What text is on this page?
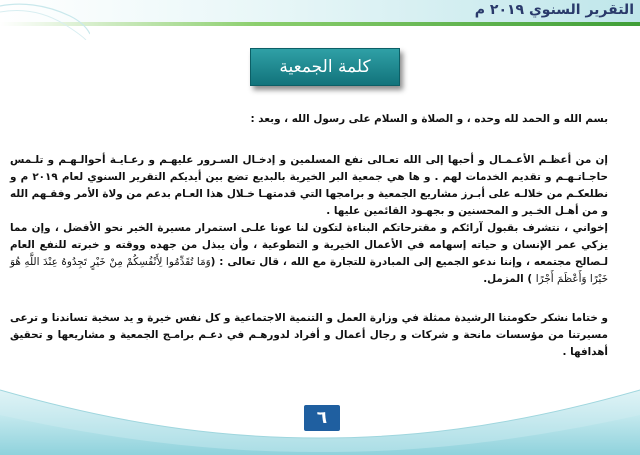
التقرير السنوي ٢٠١٩ م
كلمة الجمعية

بسم الله و الحمد لله وحده ، و الصلاة و السلام على رسول الله ، وبعد :

إن من أعظـم الأعـمـال و أحبها إلى الله تعـالى نفع المسلمين و إدخـال السـرور عليهـم و رعـايـة أحوالـهـم و تلـمس حاجـاتـهـم و تقديم الخدمات لهم . و ها هي جمعية البر الخيرية بالبديع تضع بين أيديكم التقرير السنوي لعام ٢٠١٩ م و نطلعكـم من خلالـه على أبـرز مشاريع الجمعية و برامجها التي قدمتهـا خـلال هذا العـام بدعم من ولاة الأمر وفقـهم الله و من أهـل الخـير و المحسنين و بجهـود القائمين عليها .

إخواني ، نتشرف بقبول آرائكم و مقترحاتكم البناءة لتكون لنا عونا علـى استمرار مسيرة الخير نحو الأفضل ، وإن مما يزكي عمر الإنسان و حياته إسهامه في الأعمال الخيرية و التطوعية ، وأن يبذل من جهده ووقته و خبرته للنفع العام لـصالح مجتمعه ، وإننا ندعو الجميع إلى المبادرة للتجارة مع الله ، قال تعالى : (وَمَا تُقَدِّمُوا لِأَنْفُسِكُمْ مِنْ خَيْرٍ تَجِدُوهُ عِنْدَ اللَّهِ هُوَ خَيْرًا وَأَعْظَمَ أَجْرًا ) المزمل.

و ختاما نشكر حكومتنا الرشيدة ممثلة في وزارة العمل و التنمية الاجتماعية و كل نفس خيرة و يد سخية تساندنا و ترعى مسيرتنا من مؤسسات مانحة و شركات و رجال أعمال و أفراد لدورهـم في دعـم برامـج الجمعية و مشاريعها و تحقيق أهدافها .

٦
